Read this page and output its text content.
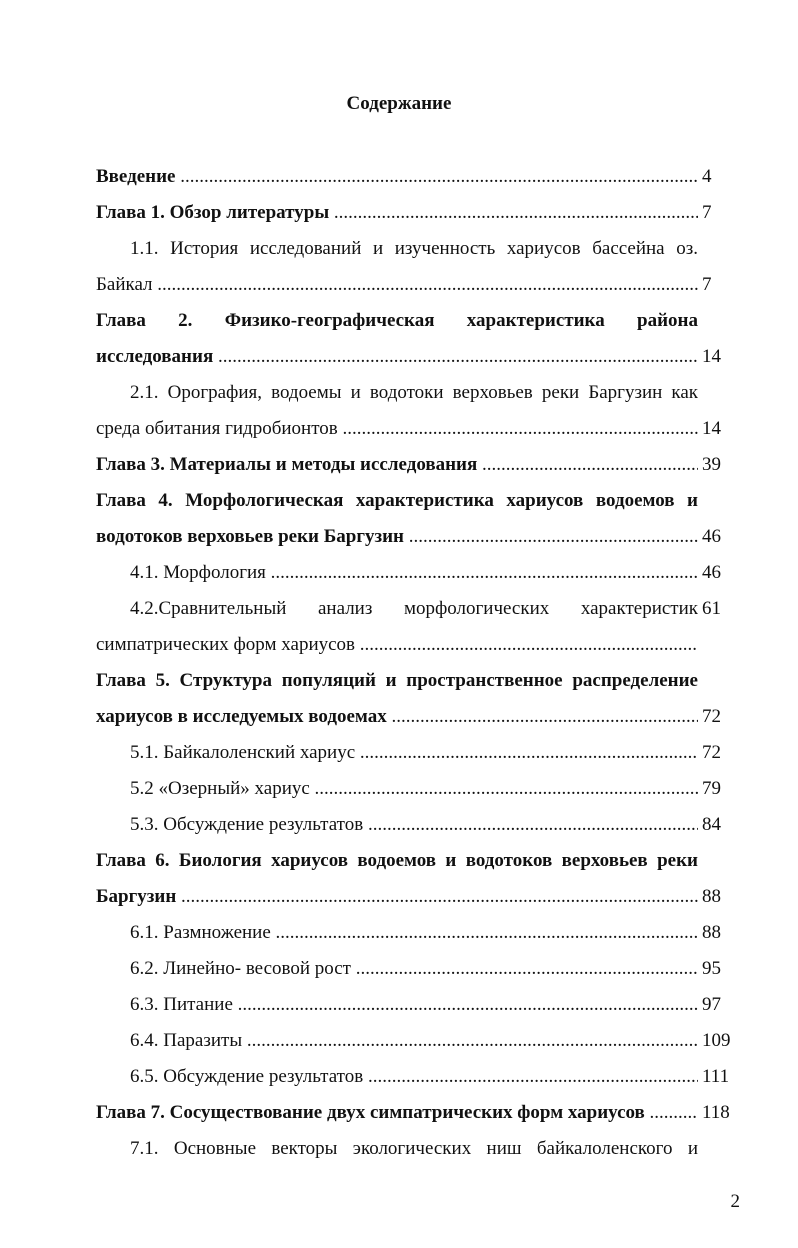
Содержание
Введение .....	4
Глава 1. Обзор литературы .....	7
1.1. История исследований и изученность хариусов бассейна оз.
Байкал .....	7
Глава 2. Физико-географическая характеристика района
исследования .....	14
2.1. Орография, водоемы и водотоки верховьев реки Баргузин как
среда обитания гидробионтов .....	14
Глава 3. Материалы и методы исследования .....	39
Глава 4. Морфологическая характеристика хариусов водоемов и
водотоков верховьев реки Баргузин .....	46
4.1. Морфология .....	46
4.2.Сравнительный анализ морфологических характеристик 61
симпатрических форм хариусов .....
Глава 5. Структура популяций и пространственное распределение
хариусов в исследуемых водоемах .....	72
5.1. Байкалоленский хариус .....	72
5.2 «Озерный» хариус .....	79
5.3. Обсуждение результатов .....	84
Глава 6. Биология хариусов водоемов и водотоков верховьев реки
Баргузин .....	88
6.1. Размножение .....	88
6.2. Линейно- весовой рост .....	95
6.3. Питание .....	97
6.4. Паразиты .....	109
6.5. Обсуждение результатов .....	111
Глава 7. Сосуществование двух симпатрических форм хариусов .....	118
7.1. Основные векторы экологических ниш байкалоленского и
2
